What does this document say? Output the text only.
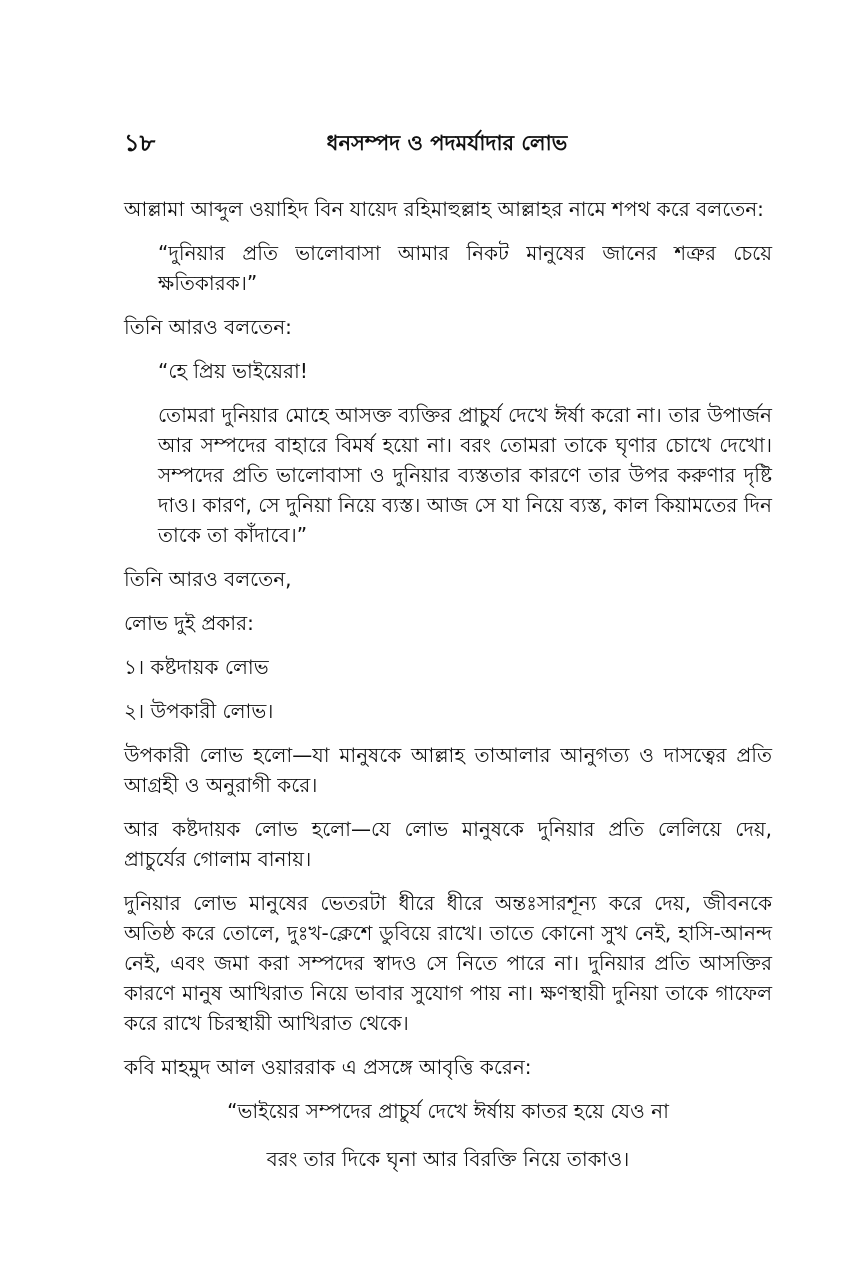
১৮	ধনসম্পদ ও পদমর্যাদার লোভ

আল্লামা আব্দুল ওয়াহিদ বিন যায়েদ রহিমাহুল্লাহ আল্লাহর নামে শপথ করে বলতেন:

“দুনিয়ার প্রতি ভালোবাসা আমার নিকট মানুষের জানের শত্রুর চেয়ে ক্ষতিকারক।”

তিনি আরও বলতেন:

“হে প্রিয় ভাইয়েরা!

তোমরা দুনিয়ার মোহে আসক্ত ব্যক্তির প্রাচুর্য দেখে ঈর্ষা করো না। তার উপার্জন আর সম্পদের বাহারে বিমর্ষ হয়ো না। বরং তোমরা তাকে ঘৃণার চোখে দেখো। সম্পদের প্রতি ভালোবাসা ও দুনিয়ার ব্যস্ততার কারণে তার উপর করুণার দৃষ্টি দাও। কারণ, সে দুনিয়া নিয়ে ব্যস্ত। আজ সে যা নিয়ে ব্যস্ত, কাল কিয়ামতের দিন তাকে তা কাঁদাবে।”

তিনি আরও বলতেন,

লোভ দুই প্রকার:

১। কষ্টদায়ক লোভ

২। উপকারী লোভ।

উপকারী লোভ হলো—যা মানুষকে আল্লাহ তাআলার আনুগত্য ও দাসত্বের প্রতি আগ্রহী ও অনুরাগী করে।

আর কষ্টদায়ক লোভ হলো—যে লোভ মানুষকে দুনিয়ার প্রতি লেলিয়ে দেয়, প্রাচুর্যের গোলাম বানায়।

দুনিয়ার লোভ মানুষের ভেতরটা ধীরে ধীরে অন্তঃসারশূন্য করে দেয়, জীবনকে অতিষ্ঠ করে তোলে, দুঃখ-ক্লেশে ডুবিয়ে রাখে। তাতে কোনো সুখ নেই, হাসি-আনন্দ নেই, এবং জমা করা সম্পদের স্বাদও সে নিতে পারে না। দুনিয়ার প্রতি আসক্তির কারণে মানুষ আখিরাত নিয়ে ভাবার সুযোগ পায় না। ক্ষণস্থায়ী দুনিয়া তাকে গাফেল করে রাখে চিরস্থায়ী আখিরাত থেকে।

কবি মাহমুদ আল ওয়াররাক এ প্রসঙ্গে আবৃত্তি করেন:

“ভাইয়ের সম্পদের প্রাচুর্য দেখে ঈর্ষায় কাতর হয়ে যেও না

বরং তার দিকে ঘৃনা আর বিরক্তি নিয়ে তাকাও।
